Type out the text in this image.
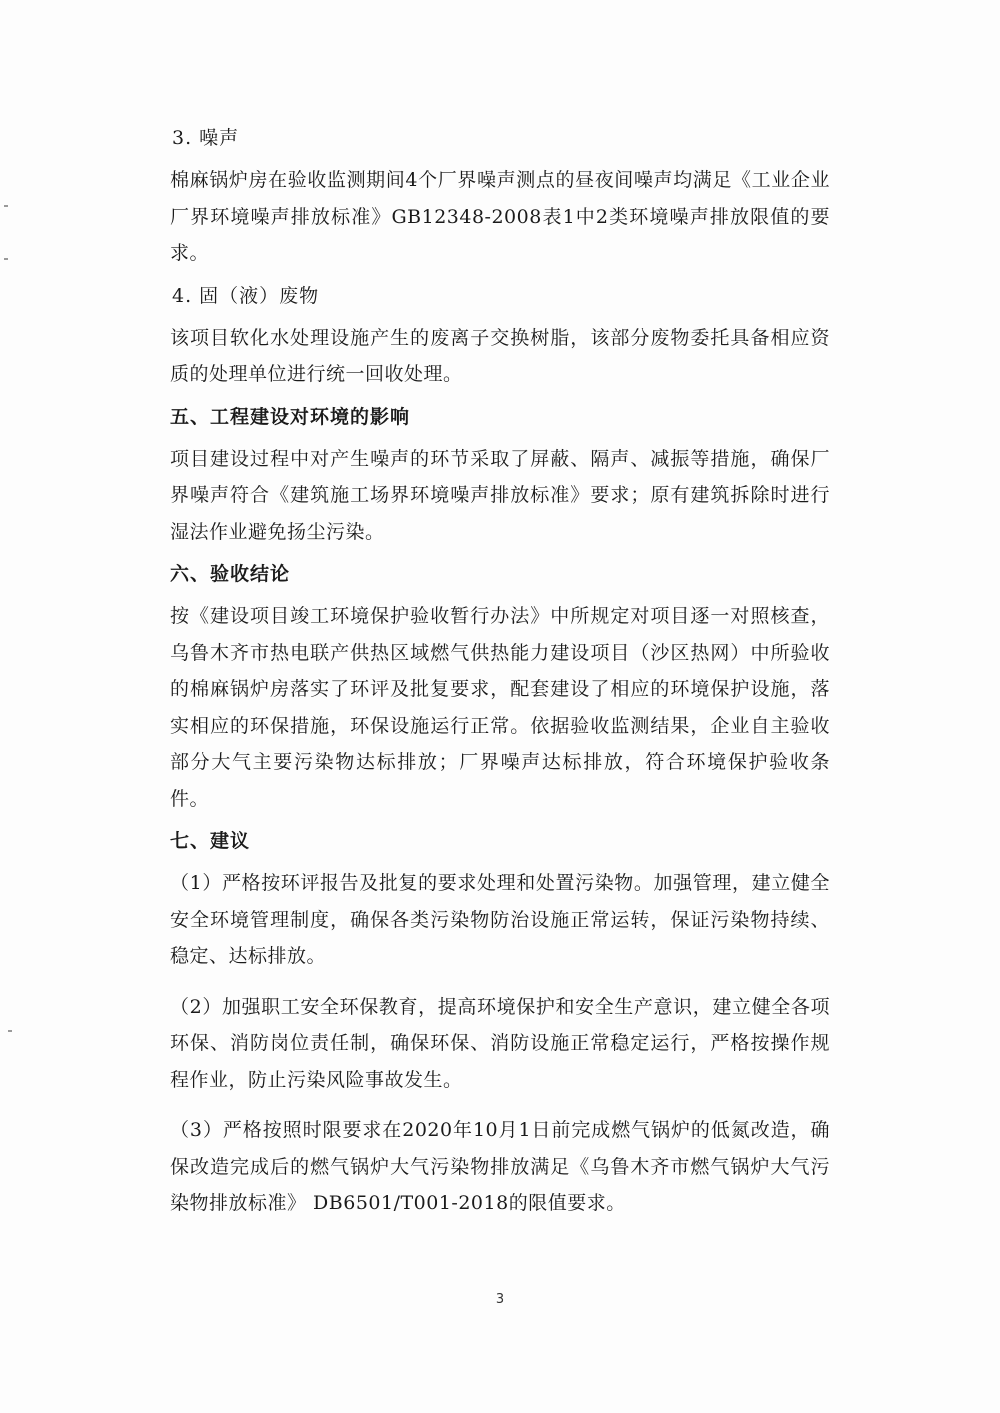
3. 噪声

棉麻锅炉房在验收监测期间4个厂界噪声测点的昼夜间噪声均满足《工业企业厂界环境噪声排放标准》GB12348-2008表1中2类环境噪声排放限值的要求。

4. 固（液）废物

该项目软化水处理设施产生的废离子交换树脂，该部分废物委托具备相应资质的处理单位进行统一回收处理。

五、工程建设对环境的影响

项目建设过程中对产生噪声的环节采取了屏蔽、隔声、减振等措施，确保厂界噪声符合《建筑施工场界环境噪声排放标准》要求；原有建筑拆除时进行湿法作业避免扬尘污染。

六、验收结论

按《建设项目竣工环境保护验收暂行办法》中所规定对项目逐一对照核查，乌鲁木齐市热电联产供热区域燃气供热能力建设项目（沙区热网）中所验收的棉麻锅炉房落实了环评及批复要求，配套建设了相应的环境保护设施，落实相应的环保措施，环保设施运行正常。依据验收监测结果，企业自主验收部分大气主要污染物达标排放；厂界噪声达标排放，符合环境保护验收条件。

七、建议

（1）严格按环评报告及批复的要求处理和处置污染物。加强管理，建立健全安全环境管理制度，确保各类污染物防治设施正常运转，保证污染物持续、稳定、达标排放。

（2）加强职工安全环保教育，提高环境保护和安全生产意识，建立健全各项环保、消防岗位责任制，确保环保、消防设施正常稳定运行，严格按操作规程作业，防止污染风险事故发生。

（3）严格按照时限要求在2020年10月1日前完成燃气锅炉的低氮改造，确保改造完成后的燃气锅炉大气污染物排放满足《乌鲁木齐市燃气锅炉大气污染物排放标准》 DB6501/T001-2018的限值要求。

3
